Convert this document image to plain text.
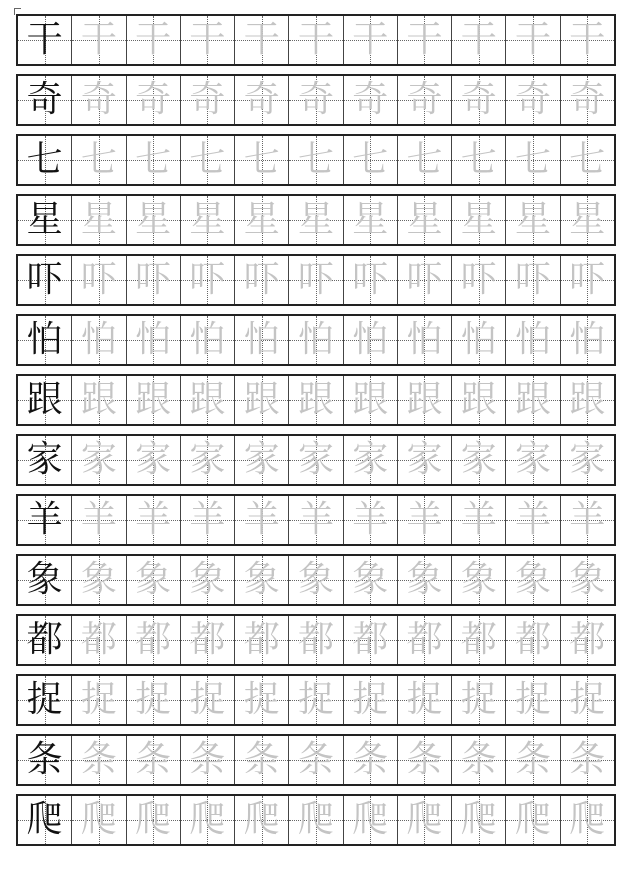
干 干 干 干 干 干 干 干 干 干 干
奇 奇 奇 奇 奇 奇 奇 奇 奇 奇 奇
七 七 七 七 七 七 七 七 七 七 七
星 星 星 星 星 星 星 星 星 星 星
吓 吓 吓 吓 吓 吓 吓 吓 吓 吓 吓
怕 怕 怕 怕 怕 怕 怕 怕 怕 怕 怕
跟 跟 跟 跟 跟 跟 跟 跟 跟 跟 跟
家 家 家 家 家 家 家 家 家 家 家
羊 羊 羊 羊 羊 羊 羊 羊 羊 羊 羊
象 象 象 象 象 象 象 象 象 象 象
都 都 都 都 都 都 都 都 都 都 都
捉 捉 捉 捉 捉 捉 捉 捉 捉 捉 捉
条 条 条 条 条 条 条 条 条 条 条
爬 爬 爬 爬 爬 爬 爬 爬 爬 爬 爬
